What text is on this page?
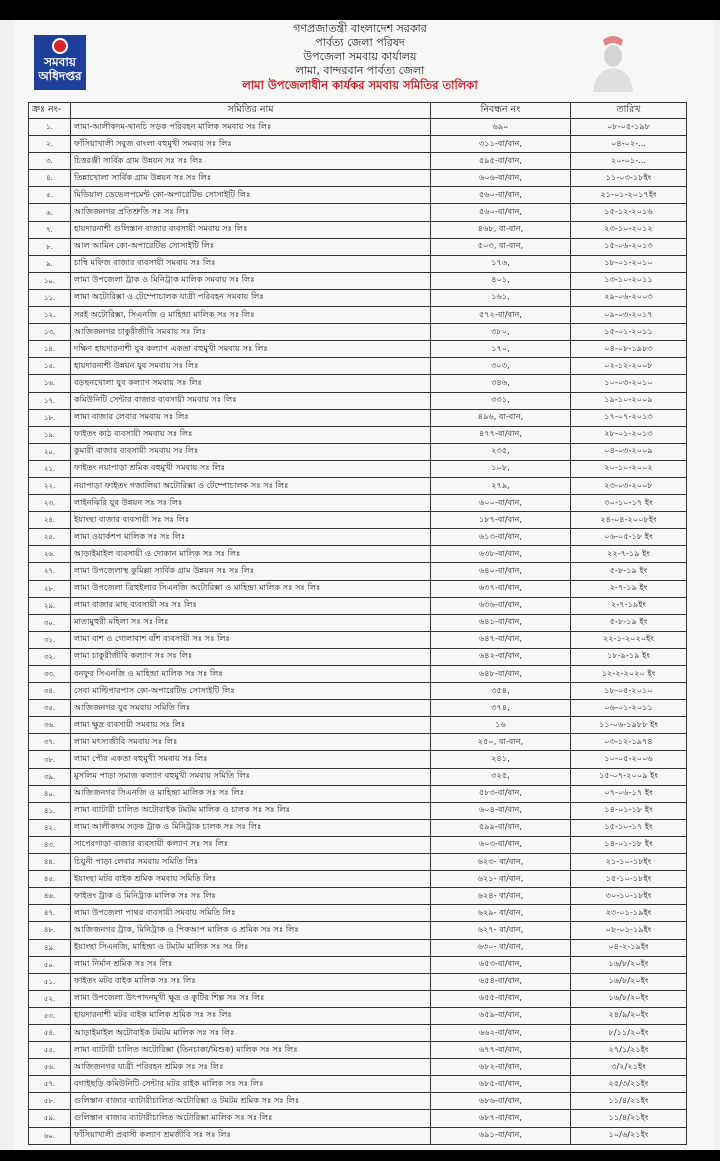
সমবায় অধিদপ্তর
গণপ্রজাতন্ত্রী বাংলাদেশ সরকার
পার্বত্য জেলা পরিষদ
উপজেলা সমবায় কার্যালয়
লামা, বান্দরবান পার্বত্য জেলা
লামা উপজেলাধীন কার্যকর সমবায় সমিতির তালিকা
ক্রঃ নং-	সমিতির নাম	নিবন্ধন নং	তারিখ
১.	লামা-আলীকদম-থানচি সড়ক পরিবহন মালিক সমবায় সঃ লিঃ	৬৯০	০৮-০৫-১৯৮
২.	ফাঁসিয়াখালী সবুজ বাংলা বহুমুখী সমবায় সঃ লিঃ	৩১১-বা/বান,	০৪-০২-...
৩.	চিত্তরঞ্জী সার্বিক গ্রাম উন্নয়ন সঃ সঃ লিঃ	৫৯৫-বা/বান,	২০-০১-...
৪.	তিন্নাখোলা সার্বিক গ্রাম উন্নয়ন সঃ সঃ লিঃ	৬০৬-বা/বান,	১১-০৩-১৮ইং
৫.	মিডিয়াল ডেভেলপমেন্ট কো-অপারেটিভ সোসাইটি লিঃ	৫৬০-বা/বান,	২১-০১-২০১৭ইং
৬.	আজিজনগর প্রতিশ্রুতি সঃ সঃ লিঃ	৫৬০-বা/বান,	১৫-১২-২০১৬
৭.	হায়দারনাশী গুলিস্তান বাজার ব্যবসায়ী সমবায় সঃ লিঃ	৪৬৮, বা-বান,	২৩-১০-২০১২
৮.	আল আমিন কো-অপারেটিভ সোসাইটি লিঃ	৫০৩, বা-বান,	১৫-০৬-২০১৩
৯.	চাম্বি মফিজ বাজার ব্যবসায়ী সমবায় সঃ লিঃ	১৭৬,	১৮-০১-২০১০
১০.	লামা উপজেলা ট্রাক ও মিনিট্রাক মালিক সমবায় সঃ লিঃ	৪০১,	১৩-১০-২০১১
১১.	লামা অটোরিক্সা ও টেম্পোচালক যাত্রী পরিবহন সমবায় লিঃ	১৬১,	২৯-০৬-২০০৩
১২.	সরই অটোরিক্সা, সিএনজি ও মাহিন্দ্রা মালিক সঃ সঃ লিঃ	৫৭২-বা/বান,	০৯-০৩-২০১৭
১৩.	আজিজনগর চাকুরীজীবি সমবায় সঃ লিঃ	৩৮০,	১৫-০১-২০১১
১৪.	দক্ষিণ হায়দারনাশী যুব কল্যাণ একতা বহুমুখী সমবায় সঃ লিঃ	১৭০,	০৪-০৮-১৯৮৩
১৫.	হায়দারনাশী উন্নয়ন যুব সমবায় সঃ লিঃ	৩০৩,	০২-১২-২০০৮
১৬.	বড়ছনখোলা যুব কল্যাণ সমবায় সঃ লিঃ	৩৪৬,	১০-০৩-২০১০
১৭.	কমিউনিটি সেন্টার বাজার ব্যবসায়ী সমবায় সঃ লিঃ	৩৩১,	১৯-১০-২০০৯
১৮.	লামা বাজার লেবার সমবায় সঃ লিঃ	৪৯৬, বা-বান,	১৭-০৭-২০১৩
১৯.	ফাইতং কাঠ ব্যবসায়ী সমবায় সঃ লিঃ	৪৭৭-বা/বান,	২৮-০১-২০১৩
২০.	কুমারী বাজার ব্যবসায়ী সমবায় সঃ লিঃ	২৩৫,	০৪-০৩-২০০৯
২১.	ফাইতং নয়াপাড়া শ্রমিক বহুমুখী সমবায় সঃ লিঃ	১০৮,	২০-১০-২০০২
২২.	নয়াপাড়া ফাইতং গজালিয়া অটোরিক্সা ও টেম্পোচালক সঃ সঃ লিঃ	২৭৯,	২৩-০৩-২০০৮
২৩.	লাইনঝিরি যুব উন্নয়ন সঃ সঃ লিঃ	৬০০-বা/বান,	৩০-১০-১৭ ইং
২৪.	ইয়াংছা বাজার ব্যবসায়ী সঃ সঃ লিঃ	১৮৭-বা/বান,	২৪-০৪-২০০৮ইং
২৫.	লামা ওয়ার্কশপ মালিক সঃ সঃ লিঃ	৬১৩-বা/বান,	০৬-০৫-১৮ ইং
২৬.	আড়াইমাইল ব্যবসায়ী ও দোকান মালিক সঃ সঃ লিঃ	৬৩৮-বা/বান,	২২-৭-১৯ ইং
২৭.	লামা উপজেলাস্থ কুমিল্লা সার্বিক গ্রাম উন্নয়ন সঃ সঃ লিঃ	৬৪০-বা/বান,	৫-৮-১৯ ইং
২৮.	লামা উপজেলা ত্রিহুইলার সিএনজি অটোরিক্সা ও মাহিন্দ্রা মালিক সঃ সঃ লিঃ	৬৩৭-বা/বান,	২-৭-১৯ ইং
২৯.	লামা বাজার মাছ ব্যবসায়ী সঃ সঃ লিঃ	৬৩৬-বা/বান,	২-৭-১৯ইং
৩০.	মাতামুহুরী মহিলা সঃ সঃ লিঃ	৬৪১-বা/বান,	৫-৮-১৯ ইং
৩১.	লামা বাশ ও গোলাবাশ বাঁশ ব্যবসায়ী সঃ সঃ লিঃ	৬৪৭-বা/বান,	২২-১-২০২০ইং
৩২.	লামা চাকুরীজীবি কল্যাণ সঃ সঃ লিঃ	৬৪২-বা/বান,	১৮-৯-১৯ ইং
৩৩.	বনফুর সিএনজি ও মাহিন্দ্রা মালিক সঃ সঃ লিঃ	৬৪৮-বা/বান,	১২-২-২০২০ ইং
৩৪.	সেবা মাল্টিপারপাস কো-অপারেটিভ সোসাইটি লিঃ	৩৫৪,	১৮-০৫-২০১০
৩৫.	আজিজনগর যুব সমবায় সমিতি লিঃ	৩৭৪,	০৬-০১-২০১১
৩৬.	লামা ক্ষুদ্র ব্যবসায়ী সমবায় সঃ লিঃ	১৬	১১-০৬-১৯৮৮ ইং
৩৭.	লামা মৎস্যজীবি সমবায় সঃ লিঃ	২৫০, বা-বান,	০৩-১২-১৯৭৪
৩৮.	লামা পৌর একতা বহুমুখী সমবায় সঃ লিঃ	২৪১,	১০-০৫-২০০৬
৩৯.	মুসলিম পাড়া সমাজ কল্যাণ বহুমুখী সমবায় সমিতি লিঃ	৩২৫,	১৫-০৭-২০০৯ ইং
৪০.	আজিজনগর সিএনজি ও মাহিন্দ্রা মালিক সঃ সঃ লিঃ	৫৮৩-বা/বান,	০৭-০৬-১৭ ইং
৪১.	লামা ব্যাটারী চালিত অটোবাইক টমটম মালিক ও চালক সঃ সঃ লিঃ	৬০৪-বা/বান,	১৪-০১-১৮ ইং
৪২.	লামা আলীকদম সড়ক ট্রাক ও মিনিট্রাক চালক সঃ সঃ লিঃ	৫৯৯-বা/বান,	১৫-১০-১৭ ইং
৪৩.	সাপেরগাড়া বাজার ব্যবসায়ী কল্যাণ সঃ সঃ লিঃ	৬০৩-বা/বান,	১৪-০১-১৮ ইং
৪৪.	চিয়ুনী পাড়া লেবার সমবায় সমিতি লিঃ	৬২৩- বা/বান,	২১-১০-১৮ইং
৪৫.	ইয়াংছা মটর বাইক শ্রমিক সমবায় সমিতি লিঃ	৬২১- বা/বান,	১৫-১০-১৮ইং
৪৬.	ফাইতং ট্রাক ও মিনিট্রাক মালিক সঃ সঃ লিঃ	৬২৪- বা/বান,	৩০-১০-১৮ইং
৪৭.	লামা উপজেলা পাথর ব্যবসায়ী সমবায় সমিতি লিঃ	৬২৯- বা/বান,	২৩-০১-১৯ইং
৪৮.	আজিজনগর ট্রাক, মিনিট্রাক ও পিকআপ মালিক ও শ্রমিক সঃ সঃ লিঃ	৬২৭- বা/বান,	০৮-০১-১৯ইং
৪৯.	ইয়াংছা সিএনজি, মাহিন্দ্রা ও টমটম মালিক সঃ সঃ লিঃ	৬৩০- বা/বান,	০৪-২-১৯ইং
৫০.	লামা নির্মান শ্রমিক সঃ সঃ লিঃ	৬৫৩-বা/বান,	১৬/৮/২০ইং
৫১.	ফাইতং মটর বাইক মালিক সঃ সঃ লিঃ	৬৫৪-বা/বান,	১৬/৮/২০ইং
৫২.	লামা উপজেলা উৎপাদনমূখী ক্ষুদ্র ও কুটির শিল্প সঃ সঃ লিঃ	৬৫৫-বা/বান,	১৬/৮/২০ইং
৫৩.	হায়দারনাশী মটর বাইক মালিক শ্রমিক সঃ সঃ লিঃ	৬৫৯-বা/বান,	২৪/৯/২০ইং
৫৪.	আড়াইমাইল অটোবাইক টমটম মালিক সঃ সঃ লিঃ	৬৬২-বা/বান,	৮/১১/২০ইং
৫৫.	লামা ব্যাটারী চালিত অটোরিক্সা (তিনচাকা/মিশুক) মালিক সঃ সঃ লিঃ	৬৭৭-বা/বান,	২৭/১/২১ইং
৫৬.	আজিজনগর যাত্রী পরিবহন শ্রমিক সঃ সঃ লিঃ	৬৮২-বা/বান,	৩/২/২১ইং
৫৭.	বগাইছড়ি কমিউনিটি সেন্টার মটর বাইক মালিক সঃ সঃ লিঃ	৬৮৫-বা/বান,	২৫/৩/২১ইং
৫৮.	গুলিস্তান বাজার ব্যাটারীচালিত অটোরিক্সা ও টমটম শ্রমিক সঃ সঃ লিঃ	৬৮৬-বা/বান,	১১/৪/২১ইং
৫৯.	গুলিস্তান বাজার ব্যাটারীচালিত অটোরিক্সা মালিক সঃ সঃ লিঃ	৬৮৭-বা/বান,	১১/৪/২১ইং
৬০.	ফাঁসিয়াখালী প্রবাসী কল্যাণ শ্রমজীবি সঃ সঃ লিঃ	৬৯১-বা/বান,	১০/৬/২১ইং
